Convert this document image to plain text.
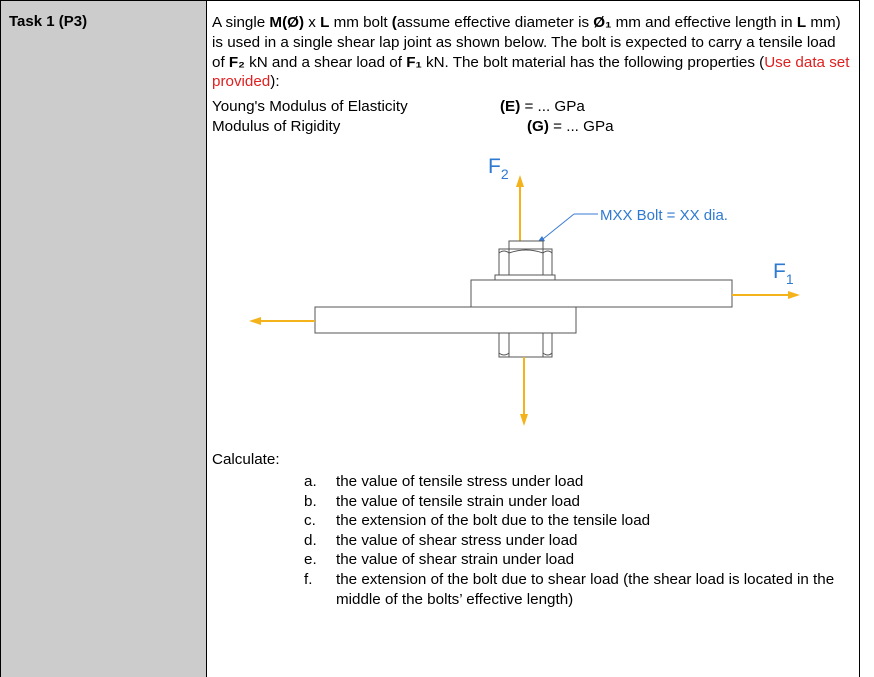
Task 1 (P3)	A single M(Ø) x L mm bolt (assume effective diameter is Ø₁ mm and effective length in L mm) is used in a single shear lap joint as shown below. The bolt is expected to carry a tensile load of F₂ kN and a shear load of F₁ kN. The bolt material has the following properties (Use data set provided):
Young's Modulus of Elasticity	(E) = ... GPa
Modulus of Rigidity	(G) = ... GPa
$F_2$
MXX Bolt = XX dia.
$F_1$
Calculate:
a. the value of tensile stress under load
b. the value of tensile strain under load
c. the extension of the bolt due to the tensile load
d. the value of shear stress under load
e. the value of shear strain under load
f. the extension of the bolt due to shear load (the shear load is located in the middle of the bolts’ effective length)
